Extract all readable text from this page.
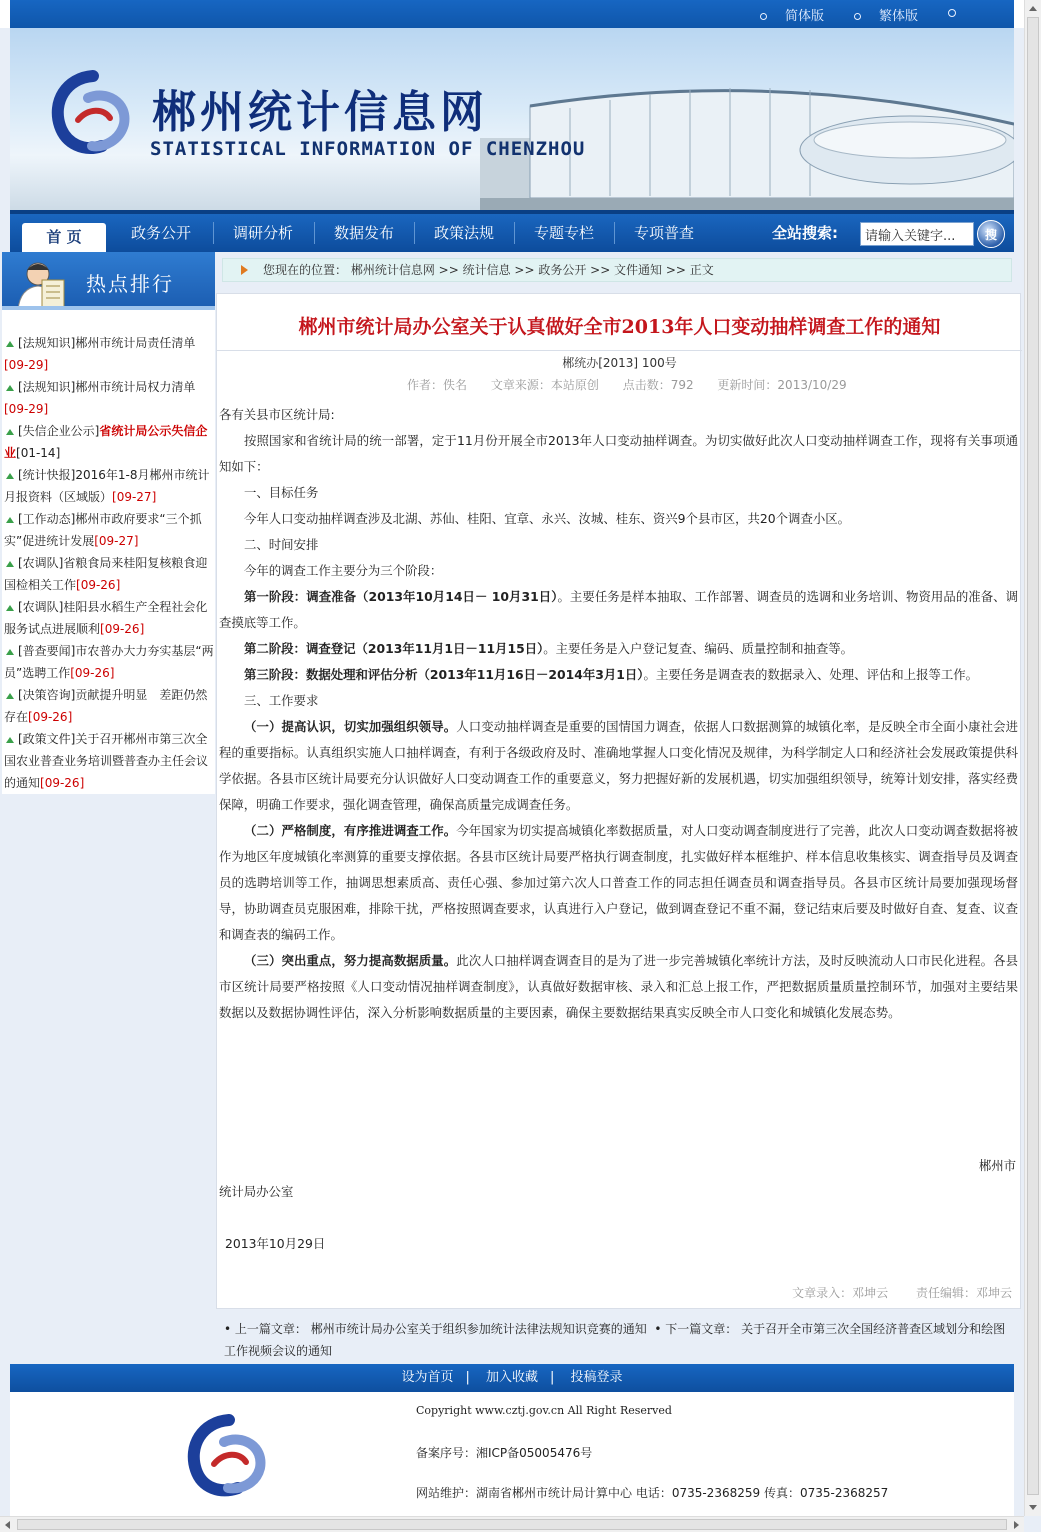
简体版	繁体版
郴州统计信息网
STATISTICAL INFORMATION OF CHENZHOU
首 页	政务公开	调研分析	数据发布	政策法规	专题专栏	专项普查	全站搜索:
请输入关键字...	搜
热点排行
[法规知识]郴州市统计局责任清单
[09-29]
[法规知识]郴州市统计局权力清单
[09-29]
[失信企业公示]省统计局公示失信企业[01-14]
[统计快报]2016年1-8月郴州市统计月报资料（区域版）[09-27]
[工作动态]郴州市政府要求“三个抓实”促进统计发展[09-27]
[农调队]省粮食局来桂阳复核粮食迎国检相关工作[09-26]
[农调队]桂阳县水稻生产全程社会化服务试点进展顺利[09-26]
[普查要闻]市农普办大力夯实基层“两员”选聘工作[09-26]
[决策咨询]贡献提升明显　差距仍然存在[09-26]
[政策文件]关于召开郴州市第三次全国农业普查业务培训暨普查办主任会议的通知[09-26]
您现在的位置： 郴州统计信息网 >> 统计信息 >> 政务公开 >> 文件通知 >> 正文
郴州市统计局办公室关于认真做好全市2013年人口变动抽样调查工作的通知
郴统办[2013] 100号
作者：佚名 文章来源：本站原创 点击数：792 更新时间：2013/10/29

各有关县市区统计局:

按照国家和省统计局的统一部署，定于11月份开展全市2013年人口变动抽样调查。为切实做好此次人口变动抽样调查工作，现将有关事项通知如下：

一、目标任务

今年人口变动抽样调查涉及北湖、苏仙、桂阳、宜章、永兴、汝城、桂东、资兴9个县市区，共20个调查小区。

二、时间安排

今年的调查工作主要分为三个阶段：

第一阶段：调查准备（2013年10月14日－ 10月31日）。主要任务是样本抽取、工作部署、调查员的选调和业务培训、物资用品的准备、调查摸底等工作。

第二阶段：调查登记（2013年11月1日－11月15日）。主要任务是入户登记复查、编码、质量控制和抽查等。

第三阶段：数据处理和评估分析（2013年11月16日－2014年3月1日）。主要任务是调查表的数据录入、处理、评估和上报等工作。

三、工作要求

（一）提高认识，切实加强组织领导。人口变动抽样调查是重要的国情国力调查，依据人口数据测算的城镇化率，是反映全市全面小康社会进程的重要指标。认真组织实施人口抽样调查，有利于各级政府及时、准确地掌握人口变化情况及规律，为科学制定人口和经济社会发展政策提供科学依据。各县市区统计局要充分认识做好人口变动调查工作的重要意义，努力把握好新的发展机遇，切实加强组织领导，统筹计划安排，落实经费保障，明确工作要求，强化调查管理，确保高质量完成调查任务。

（二）严格制度，有序推进调查工作。今年国家为切实提高城镇化率数据质量，对人口变动调查制度进行了完善，此次人口变动调查数据将被作为地区年度城镇化率测算的重要支撑依据。各县市区统计局要严格执行调查制度，扎实做好样本框维护、样本信息收集核实、调查指导员及调查员的选聘培训等工作，抽调思想素质高、责任心强、参加过第六次人口普查工作的同志担任调查员和调查指导员。各县市区统计局要加强现场督导，协助调查员克服困难，排除干扰，严格按照调查要求，认真进行入户登记，做到调查登记不重不漏，登记结束后要及时做好自查、复查、议查和调查表的编码工作。

（三）突出重点，努力提高数据质量。此次人口抽样调查调查目的是为了进一步完善城镇化率统计方法，及时反映流动人口市民化进程。各县市区统计局要严格按照《人口变动情况抽样调查制度》，认真做好数据审核、录入和汇总上报工作，严把数据质量质量控制环节，加强对主要结果数据以及数据协调性评估，深入分析影响数据质量的主要因素，确保主要数据结果真实反映全市人口变化和城镇化发展态势。

郴州市
统计局办公室
2013年10月29日
文章录入：邓坤云 责任编辑：邓坤云
• 上一篇文章： 郴州市统计局办公室关于组织参加统计法律法规知识竞赛的通知  • 下一篇文章： 关于召开全市第三次全国经济普查区域划分和绘图工作视频会议的通知
设为首页 | 加入收藏 | 投稿登录
Copyright www.cztj.gov.cn All Right Reserved
备案序号：湘ICP备05005476号
网站维护：湖南省郴州市统计局计算中心 电话：0735-2368259 传真：0735-2368257
